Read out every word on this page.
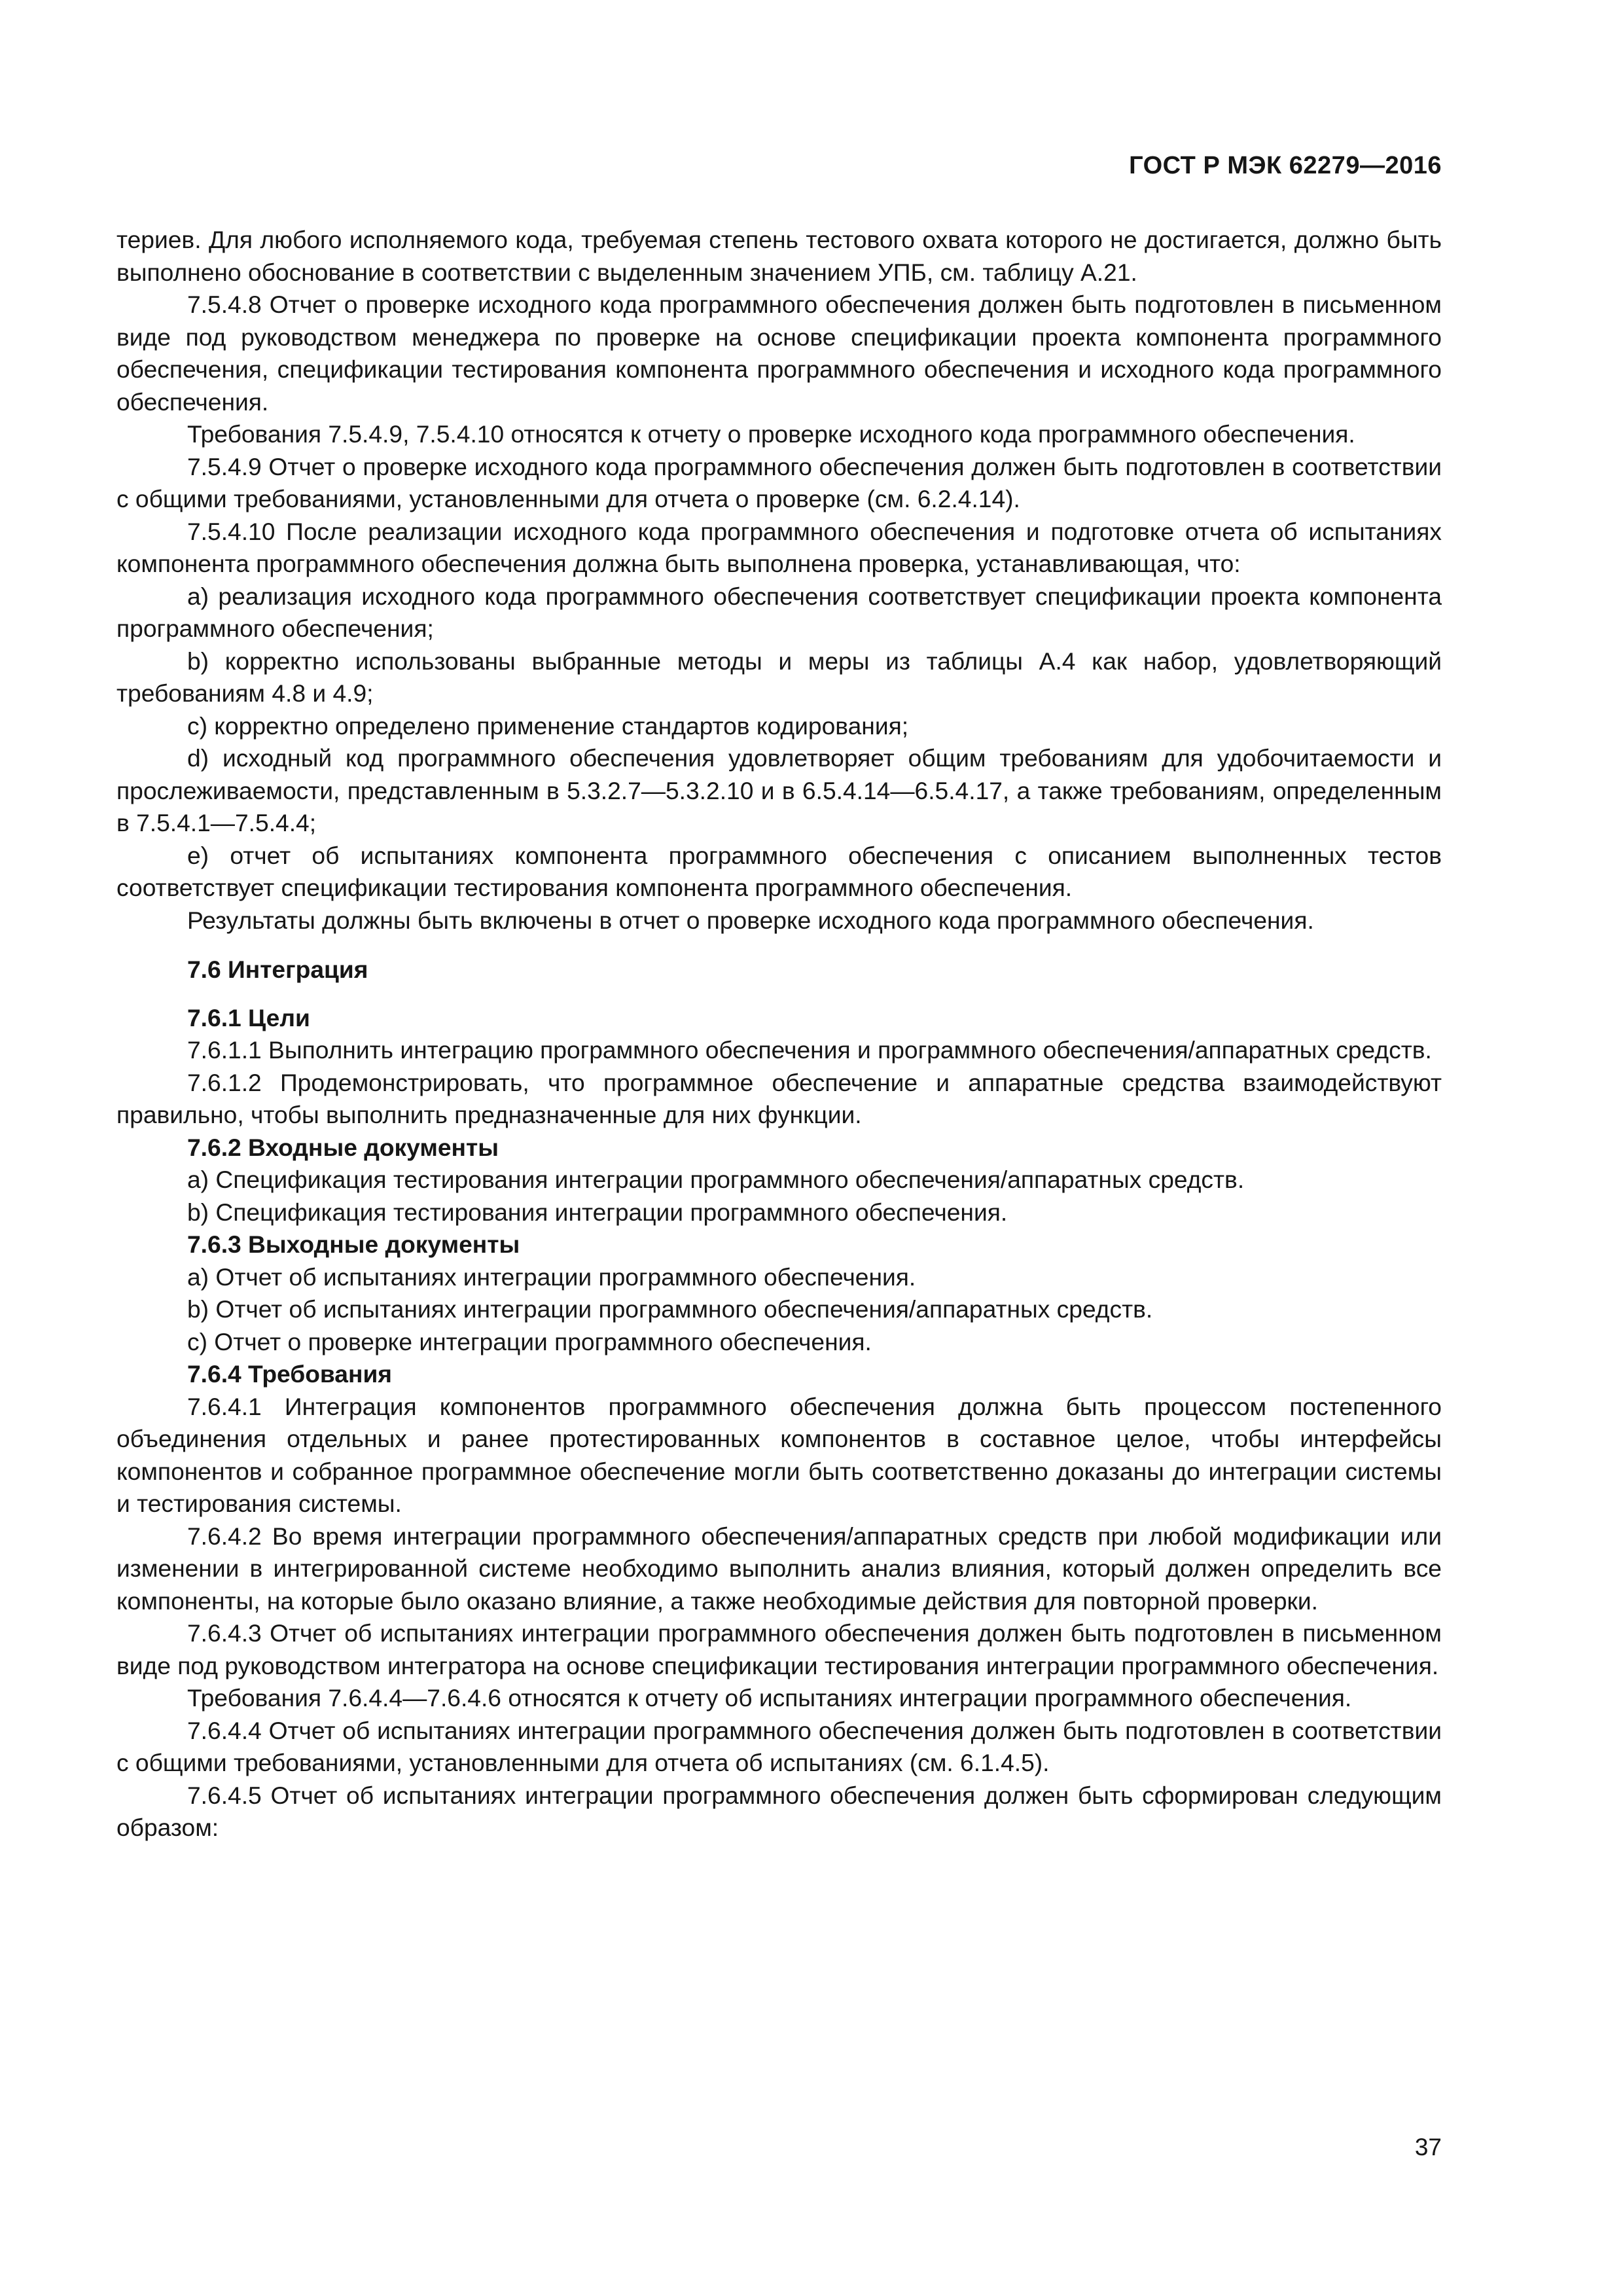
ГОСТ Р МЭК 62279—2016

териев. Для любого исполняемого кода, требуемая степень тестового охвата которого не достигается, должно быть выполнено обоснование в соответствии с выделенным значением УПБ, см. таблицу А.21.

7.5.4.8 Отчет о проверке исходного кода программного обеспечения должен быть подготовлен в письменном виде под руководством менеджера по проверке на основе спецификации проекта компонента программного обеспечения, спецификации тестирования компонента программного обеспечения и исходного кода программного обеспечения.

Требования 7.5.4.9, 7.5.4.10 относятся к отчету о проверке исходного кода программного обеспечения.

7.5.4.9 Отчет о проверке исходного кода программного обеспечения должен быть подготовлен в соответствии с общими требованиями, установленными для отчета о проверке (см. 6.2.4.14).

7.5.4.10 После реализации исходного кода программного обеспечения и подготовке отчета об испытаниях компонента программного обеспечения должна быть выполнена проверка, устанавливающая, что:

a) реализация исходного кода программного обеспечения соответствует спецификации проекта компонента программного обеспечения;

b) корректно использованы выбранные методы и меры из таблицы А.4 как набор, удовлетворяющий требованиям 4.8 и 4.9;

c) корректно определено применение стандартов кодирования;

d) исходный код программного обеспечения удовлетворяет общим требованиям для удобочитаемости и прослеживаемости, представленным в 5.3.2.7—5.3.2.10 и в 6.5.4.14—6.5.4.17, а также требованиям, определенным в 7.5.4.1—7.5.4.4;

e) отчет об испытаниях компонента программного обеспечения с описанием выполненных тестов соответствует спецификации тестирования компонента программного обеспечения.

Результаты должны быть включены в отчет о проверке исходного кода программного обеспечения.

7.6 Интеграция
7.6.1 Цели

7.6.1.1 Выполнить интеграцию программного обеспечения и программного обеспечения/аппаратных средств.

7.6.1.2 Продемонстрировать, что программное обеспечение и аппаратные средства взаимодействуют правильно, чтобы выполнить предназначенные для них функции.

7.6.2 Входные документы

a) Спецификация тестирования интеграции программного обеспечения/аппаратных средств.

b) Спецификация тестирования интеграции программного обеспечения.

7.6.3 Выходные документы

a) Отчет об испытаниях интеграции программного обеспечения.

b) Отчет об испытаниях интеграции программного обеспечения/аппаратных средств.

c) Отчет о проверке интеграции программного обеспечения.

7.6.4 Требования

7.6.4.1 Интеграция компонентов программного обеспечения должна быть процессом постепенного объединения отдельных и ранее протестированных компонентов в составное целое, чтобы интерфейсы компонентов и собранное программное обеспечение могли быть соответственно доказаны до интеграции системы и тестирования системы.

7.6.4.2 Во время интеграции программного обеспечения/аппаратных средств при любой модификации или изменении в интегрированной системе необходимо выполнить анализ влияния, который должен определить все компоненты, на которые было оказано влияние, а также необходимые действия для повторной проверки.

7.6.4.3 Отчет об испытаниях интеграции программного обеспечения должен быть подготовлен в письменном виде под руководством интегратора на основе спецификации тестирования интеграции программного обеспечения.

Требования 7.6.4.4—7.6.4.6 относятся к отчету об испытаниях интеграции программного обеспечения.

7.6.4.4 Отчет об испытаниях интеграции программного обеспечения должен быть подготовлен в соответствии с общими требованиями, установленными для отчета об испытаниях (см. 6.1.4.5).

7.6.4.5 Отчет об испытаниях интеграции программного обеспечения должен быть сформирован следующим образом:

37
